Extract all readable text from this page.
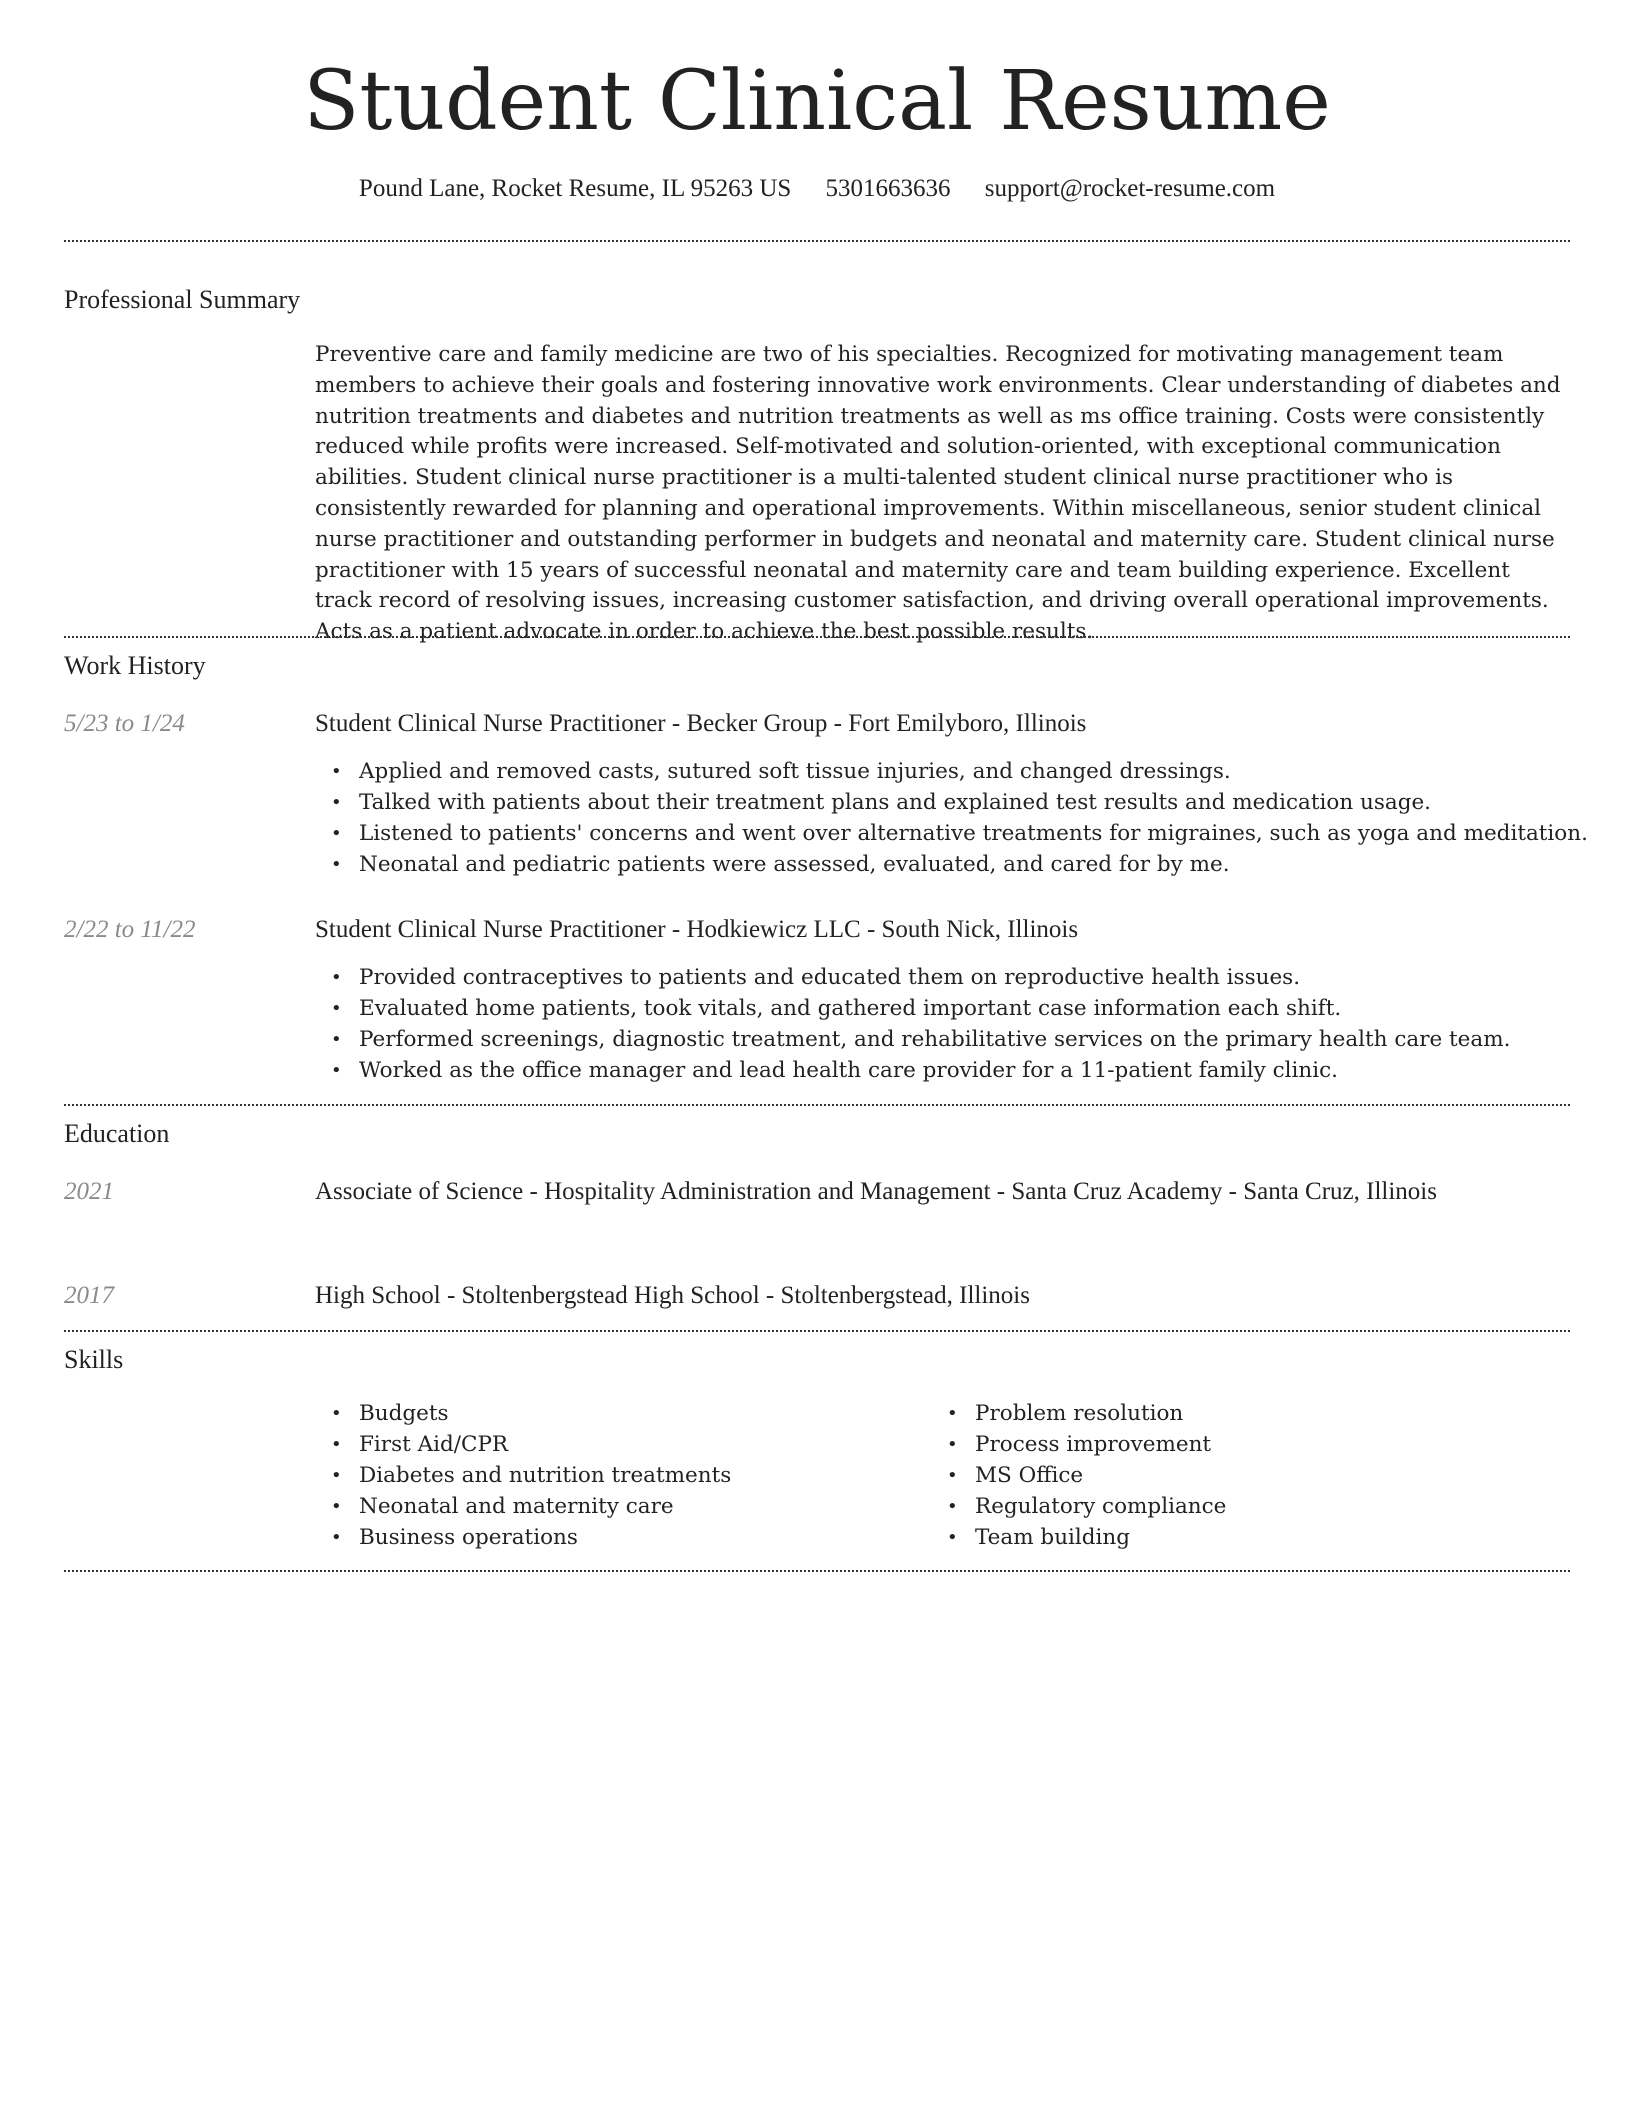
Student Clinical Resume
Pound Lane, Rocket Resume, IL 95263 US 5301663636 support@rocket-resume.com
Professional Summary
Preventive care and family medicine are two of his specialties. Recognized for motivating management team members to achieve their goals and fostering innovative work environments. Clear understanding of diabetes and nutrition treatments and diabetes and nutrition treatments as well as ms office training. Costs were consistently reduced while profits were increased. Self-motivated and solution-oriented, with exceptional communication abilities. Student clinical nurse practitioner is a multi-talented student clinical nurse practitioner who is consistently rewarded for planning and operational improvements. Within miscellaneous, senior student clinical nurse practitioner and outstanding performer in budgets and neonatal and maternity care. Student clinical nurse practitioner with 15 years of successful neonatal and maternity care and team building experience. Excellent track record of resolving issues, increasing customer satisfaction, and driving overall operational improvements. Acts as a patient advocate in order to achieve the best possible results.
Work History
5/23 to 1/24	Student Clinical Nurse Practitioner - Becker Group - Fort Emilyboro, Illinois
• Applied and removed casts, sutured soft tissue injuries, and changed dressings.
• Talked with patients about their treatment plans and explained test results and medication usage.
• Listened to patients' concerns and went over alternative treatments for migraines, such as yoga and meditation.
• Neonatal and pediatric patients were assessed, evaluated, and cared for by me.
2/22 to 11/22	Student Clinical Nurse Practitioner - Hodkiewicz LLC - South Nick, Illinois
• Provided contraceptives to patients and educated them on reproductive health issues.
• Evaluated home patients, took vitals, and gathered important case information each shift.
• Performed screenings, diagnostic treatment, and rehabilitative services on the primary health care team.
• Worked as the office manager and lead health care provider for a 11-patient family clinic.
Education
2021	Associate of Science - Hospitality Administration and Management - Santa Cruz Academy - Santa Cruz, Illinois
2017	High School - Stoltenbergstead High School - Stoltenbergstead, Illinois
Skills
• Budgets
• First Aid/CPR
• Diabetes and nutrition treatments
• Neonatal and maternity care
• Business operations
• Problem resolution
• Process improvement
• MS Office
• Regulatory compliance
• Team building
